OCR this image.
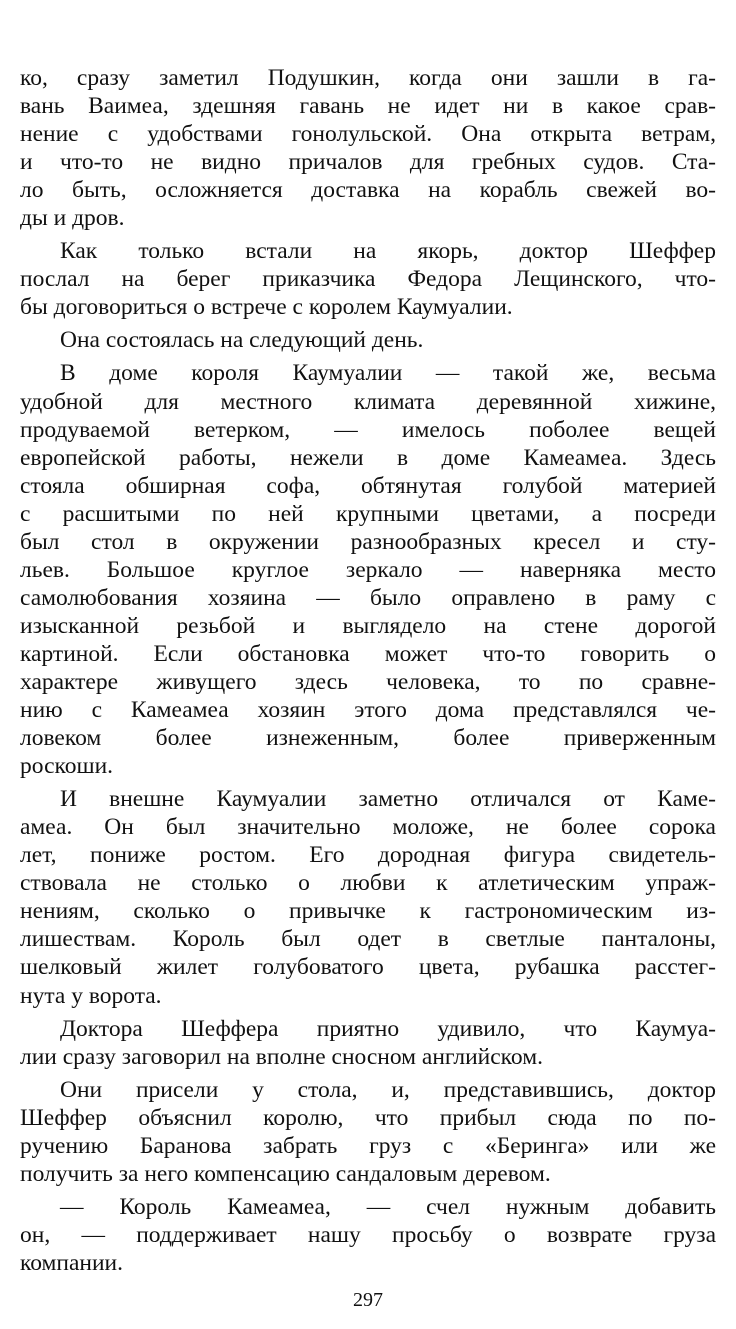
ко, сразу заметил Подушкин, когда они зашли в га-
вань Ваимеа, здешняя гавань не идет ни в какое срав-
нение с удобствами гонолульской. Она открыта ветрам,
и что-то не видно причалов для гребных судов. Ста-
ло быть, осложняется доставка на корабль свежей во-
ды и дров.
Как только встали на якорь, доктор Шеффер
послал на берег приказчика Федора Лещинского, что-
бы договориться о встрече с королем Каумуалии.
Она состоялась на следующий день.
В доме короля Каумуалии — такой же, весьма
удобной для местного климата деревянной хижине,
продуваемой ветерком, — имелось поболее вещей
европейской работы, нежели в доме Камеамеа. Здесь
стояла обширная софа, обтянутая голубой материей
с расшитыми по ней крупными цветами, а посреди
был стол в окружении разнообразных кресел и сту-
льев. Большое круглое зеркало — наверняка место
самолюбования хозяина — было оправлено в раму с
изысканной резьбой и выглядело на стене дорогой
картиной. Если обстановка может что-то говорить о
характере живущего здесь человека, то по сравне-
нию с Камеамеа хозяин этого дома представлялся че-
ловеком более изнеженным, более приверженным
роскоши.
И внешне Каумуалии заметно отличался от Каме-
амеа. Он был значительно моложе, не более сорока
лет, пониже ростом. Его дородная фигура свидетель-
ствовала не столько о любви к атлетическим упраж-
нениям, сколько о привычке к гастрономическим из-
лишествам. Король был одет в светлые панталоны,
шелковый жилет голубоватого цвета, рубашка расстег-
нута у ворота.
Доктора Шеффера приятно удивило, что Каумуа-
лии сразу заговорил на вполне сносном английском.
Они присели у стола, и, представившись, доктор
Шеффер объяснил королю, что прибыл сюда по по-
ручению Баранова забрать груз с «Беринга» или же
получить за него компенсацию сандаловым деревом.
— Король Камеамеа, — счел нужным добавить
он, — поддерживает нашу просьбу о возврате груза
компании.
297
